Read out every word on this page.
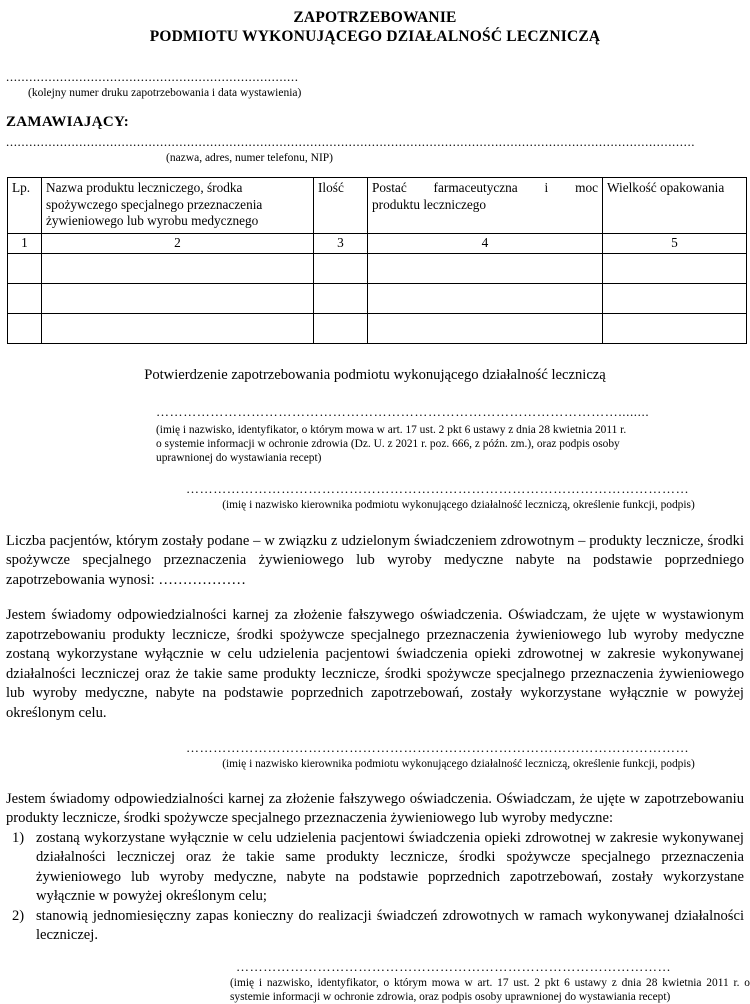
ZAPOTRZEBOWANIE
PODMIOTU WYKONUJĄCEGO DZIAŁALNOŚĆ LECZNICZĄ
............................................................................
(kolejny numer druku zapotrzebowania i data wystawienia)
ZAMAWIAJĄCY:
...................................................................................................................................................................................
(nazwa, adres, numer telefonu, NIP)
Lp.	Nazwa produktu leczniczego, środka spożywczego specjalnego przeznaczenia żywieniowego lub wyrobu medycznego	Ilość	Postać farmaceutyczna i moc
produktu leczniczego	Wielkość opakowania
1	2	3	4	5

Potwierdzenie zapotrzebowania podmiotu wykonującego działalność leczniczą
…………………………………………………………………………………………........
(imię i nazwisko, identyfikator, o którym mowa w art. 17 ust. 2 pkt 6 ustawy z dnia 28 kwietnia 2011 r.
o systemie informacji w ochronie zdrowia (Dz. U. z 2021 r. poz. 666, z późn. zm.), oraz podpis osoby
uprawnionej do wystawiania recept)
…………………………………………………………………………………………………
(imię i nazwisko kierownika podmiotu wykonującego działalność leczniczą, określenie funkcji, podpis)

Liczba pacjentów, którym zostały podane – w związku z udzielonym świadczeniem zdrowotnym – produkty lecznicze, środki spożywcze specjalnego przeznaczenia żywieniowego lub wyroby medyczne nabyte na podstawie poprzedniego zapotrzebowania wynosi: ………………

Jestem świadomy odpowiedzialności karnej za złożenie fałszywego oświadczenia. Oświadczam, że ujęte w wystawionym zapotrzebowaniu produkty lecznicze, środki spożywcze specjalnego przeznaczenia żywieniowego lub wyroby medyczne zostaną wykorzystane wyłącznie w celu udzielenia pacjentowi świadczenia opieki zdrowotnej w zakresie wykonywanej działalności leczniczej oraz że takie same produkty lecznicze, środki spożywcze specjalnego przeznaczenia żywieniowego lub wyroby medyczne, nabyte na podstawie poprzednich zapotrzebowań, zostały wykorzystane wyłącznie w powyżej określonym celu.

…………………………………………………………………………………………………
(imię i nazwisko kierownika podmiotu wykonującego działalność leczniczą, określenie funkcji, podpis)

Jestem świadomy odpowiedzialności karnej za złożenie fałszywego oświadczenia. Oświadczam, że ujęte w zapotrzebowaniu produkty lecznicze, środki spożywcze specjalnego przeznaczenia żywieniowego lub wyroby medyczne:

1) zostaną wykorzystane wyłącznie w celu udzielenia pacjentowi świadczenia opieki zdrowotnej w zakresie wykonywanej działalności leczniczej oraz że takie same produkty lecznicze, środki spożywcze specjalnego przeznaczenia żywieniowego lub wyroby medyczne, nabyte na podstawie poprzednich zapotrzebowań, zostały wykorzystane wyłącznie w powyżej określonym celu;
2) stanowią jednomiesięczny zapas konieczny do realizacji świadczeń zdrowotnych w ramach wykonywanej działalności leczniczej.
……………………………………………………………………………………
(imię i nazwisko, identyfikator, o którym mowa w art. 17 ust. 2 pkt 6 ustawy z dnia 28 kwietnia 2011 r. o systemie informacji w ochronie zdrowia, oraz podpis osoby uprawnionej do wystawiania recept)
